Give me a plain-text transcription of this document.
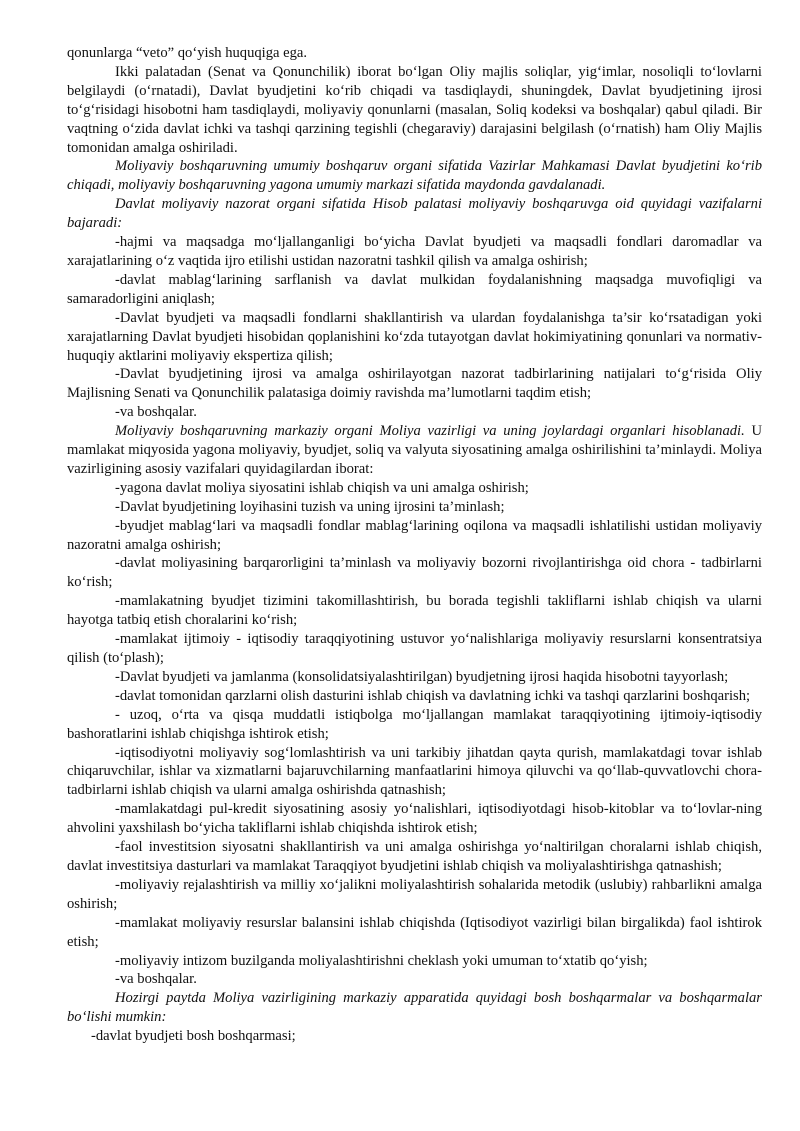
qonunlarga “veto” qo‘yish huquqiga ega.

Ikki palatadan (Senat va Qonunchilik) iborat bo‘lgan Oliy majlis soliqlar, yig‘imlar, nosoliqli to‘lovlarni belgilaydi (o‘rnatadi), Davlat byudjetini ko‘rib chiqadi va tasdiqlaydi, shuningdek, Davlat byudjetining ijrosi to‘g‘risidagi hisobotni ham tasdiqlaydi, moliyaviy qonunlarni (masalan, Soliq kodeksi va boshqalar) qabul qiladi. Bir vaqtning o‘zida davlat ichki va tashqi qarzining tegishli (chegaraviy) darajasini belgilash (o‘rnatish) ham Oliy Majlis tomonidan amalga oshiriladi.

Moliyaviy boshqaruvning umumiy boshqaruv organi sifatida Vazirlar Mahkamasi Davlat byudjetini ko‘rib chiqadi, moliyaviy boshqaruvning yagona umumiy markazi sifatida maydonda gavdalanadi.

Davlat moliyaviy nazorat organi sifatida Hisob palatasi moliyaviy boshqaruvga oid quyidagi vazifalarni bajaradi:

-hajmi va maqsadga mo‘ljallanganligi bo‘yicha Davlat byudjeti va maqsadli fondlari daromadlar va xarajatlarining o‘z vaqtida ijro etilishi ustidan nazoratni tashkil qilish va amalga oshirish;

-davlat mablag‘larining sarflanish va davlat mulkidan foydalanishning maqsadga muvofiqligi va samaradorligini aniqlash;

-Davlat byudjeti va maqsadli fondlarni shakllantirish va ulardan foydalanishga ta’sir ko‘rsatadigan yoki xarajatlarning Davlat byudjeti hisobidan qoplanishini ko‘zda tutayotgan davlat hokimiyatining qonunlari va normativ-huquqiy aktlarini moliyaviy ekspertiza qilish;

-Davlat byudjetining ijrosi va amalga oshirilayotgan nazorat tadbirlarining natijalari to‘g‘risida Oliy Majlisning Senati va Qonunchilik palatasiga doimiy ravishda ma’lumotlarni taqdim etish;

-va boshqalar.

Moliyaviy boshqaruvning markaziy organi Moliya vazirligi va uning joylardagi organlari hisoblanadi. U mamlakat miqyosida yagona moliyaviy, byudjet, soliq va valyuta siyosatining amalga oshirilishini ta’minlaydi. Moliya vazirligining asosiy vazifalari quyidagilardan iborat:

-yagona davlat moliya siyosatini ishlab chiqish va uni amalga oshirish;

-Davlat byudjetining loyihasini tuzish va uning ijrosini ta’minlash;

-byudjet mablag‘lari va maqsadli fondlar mablag‘larining oqilona va maqsadli ishlatilishi ustidan moliyaviy nazoratni amalga oshirish;

-davlat moliyasining barqarorligini ta’minlash va moliyaviy bozorni rivojlantirishga oid chora - tadbirlarni ko‘rish;

-mamlakatning byudjet tizimini takomillashtirish, bu borada tegishli takliflarni ishlab chiqish va ularni hayotga tatbiq etish choralarini ko‘rish;

-mamlakat ijtimoiy - iqtisodiy taraqqiyotining ustuvor yo‘nalishlariga moliyaviy resurslarni konsentratsiya qilish (to‘plash);

-Davlat byudjeti va jamlanma (konsolidatsiyalashtirilgan) byudjetning ijrosi haqida hisobotni tayyorlash;

-davlat tomonidan qarzlarni olish dasturini ishlab chiqish va davlatning ichki va tashqi qarzlarini boshqarish;

- uzoq, o‘rta va qisqa muddatli istiqbolga mo‘ljallangan mamlakat taraqqiyotining ijtimoiy-iqtisodiy bashoratlarini ishlab chiqishga ishtirok etish;

-iqtisodiyotni moliyaviy sog‘lomlashtirish va uni tarkibiy jihatdan qayta qurish, mamlakatdagi tovar ishlab chiqaruvchilar, ishlar va xizmatlarni bajaruvchilarning manfaatlarini himoya qiluvchi va qo‘llab-quvvatlovchi chora-tadbirlarni ishlab chiqish va ularni amalga oshirishda qatnashish;

-mamlakatdagi pul-kredit siyosatining asosiy yo‘nalishlari, iqtisodiyotdagi hisob-kitoblar va to‘lovlar-ning ahvolini yaxshilash bo‘yicha takliflarni ishlab chiqishda ishtirok etish;

-faol investitsion siyosatni shakllantirish va uni amalga oshirishga yo‘naltirilgan choralarni ishlab chiqish, davlat investitsiya dasturlari va mamlakat Taraqqiyot byudjetini ishlab chiqish va moliyalashtirishga qatnashish;

-moliyaviy rejalashtirish va milliy xo‘jalikni moliyalashtirish sohalarida metodik (uslubiy) rahbarlikni amalga oshirish;

-mamlakat moliyaviy resurslar balansini ishlab chiqishda (Iqtisodiyot vazirligi bilan birgalikda) faol ishtirok etish;

-moliyaviy intizom buzilganda moliyalashtirishni cheklash yoki umuman to‘xtatib qo‘yish;

-va boshqalar.

Hozirgi paytda Moliya vazirligining markaziy apparatida quyidagi bosh boshqarmalar va boshqarmalar bo‘lishi mumkin:

-davlat byudjeti bosh boshqarmasi;
